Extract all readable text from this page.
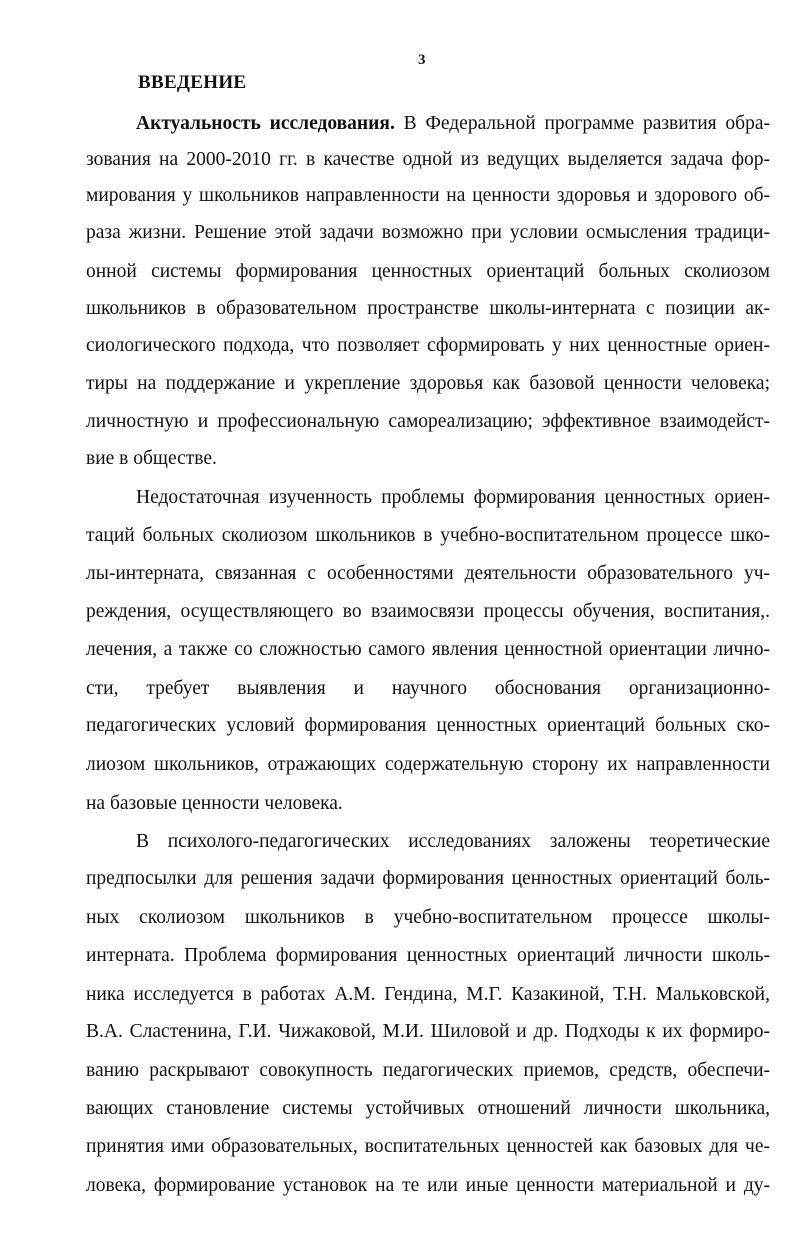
3
ВВЕДЕНИЕ
Актуальность исследования. В Федеральной программе развития обра-
зования на 2000-2010 гг. в качестве одной из ведущих выделяется задача фор-
мирования у школьников направленности на ценности здоровья и здорового об-
раза жизни. Решение этой задачи возможно при условии осмысления традици-
онной системы формирования ценностных ориентаций больных сколиозом
школьников в образовательном пространстве школы-интерната с позиции ак-
сиологического подхода, что позволяет сформировать у них ценностные ориен-
тиры на поддержание и укрепление здоровья как базовой ценности человека;
личностную и профессиональную самореализацию; эффективное взаимодейст-
вие в обществе.
Недостаточная изученность проблемы формирования ценностных ориен-
таций больных сколиозом школьников в учебно-воспитательном процессе шко-
лы-интерната, связанная с особенностями деятельности образовательного уч-
реждения, осуществляющего во взаимосвязи процессы обучения, воспитания,.
лечения, а также со сложностью самого явления ценностной ориентации лично-
сти, требует выявления и научного обоснования организационно-
педагогических условий формирования ценностных ориентаций больных ско-
лиозом школьников, отражающих содержательную сторону их направленности
на базовые ценности человека.
В психолого-педагогических исследованиях заложены теоретические
предпосылки для решения задачи формирования ценностных ориентаций боль-
ных сколиозом школьников в учебно-воспитательном процессе школы-
интерната. Проблема формирования ценностных ориентаций личности школь-
ника исследуется в работах А.М. Гендина, М.Г. Казакиной, Т.Н. Мальковской,
В.А. Сластенина, Г.И. Чижаковой, М.И. Шиловой и др. Подходы к их формиро-
ванию раскрывают совокупность педагогических приемов, средств, обеспечи-
вающих становление системы устойчивых отношений личности школьника,
принятия ими образовательных, воспитательных ценностей как базовых для че-
ловека, формирование установок на те или иные ценности материальной и ду-
